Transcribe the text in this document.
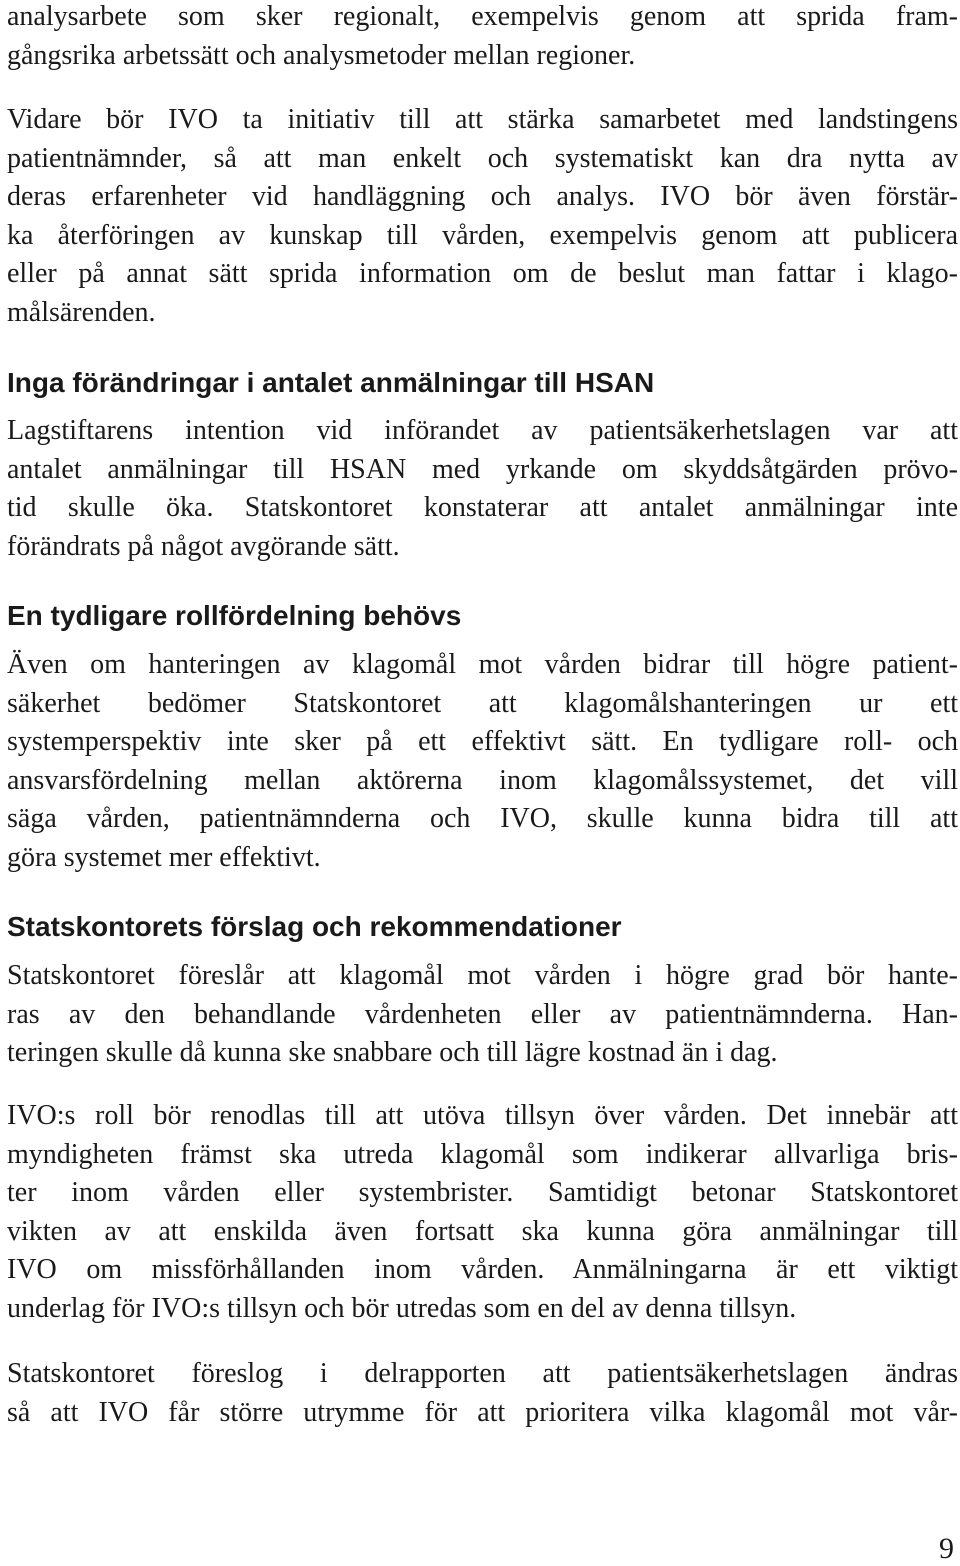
analysarbete som sker regionalt, exempelvis genom att sprida fram-
gångsrika arbetssätt och analysmetoder mellan regioner.
Vidare bör IVO ta initiativ till att stärka samarbetet med landstingens
patientnämnder, så att man enkelt och systematiskt kan dra nytta av
deras erfarenheter vid handläggning och analys. IVO bör även förstär-
ka återföringen av kunskap till vården, exempelvis genom att publicera
eller på annat sätt sprida information om de beslut man fattar i klago-
målsärenden.
Inga förändringar i antalet anmälningar till HSAN
Lagstiftarens intention vid införandet av patientsäkerhetslagen var att
antalet anmälningar till HSAN med yrkande om skyddsåtgärden prövo-
tid skulle öka. Statskontoret konstaterar att antalet anmälningar inte
förändrats på något avgörande sätt.
En tydligare rollfördelning behövs
Även om hanteringen av klagomål mot vården bidrar till högre patient-
säkerhet bedömer Statskontoret att klagomålshanteringen ur ett
systemperspektiv inte sker på ett effektivt sätt. En tydligare roll- och
ansvarsfördelning mellan aktörerna inom klagomålssystemet, det vill
säga vården, patientnämnderna och IVO, skulle kunna bidra till att
göra systemet mer effektivt.
Statskontorets förslag och rekommendationer
Statskontoret föreslår att klagomål mot vården i högre grad bör hante-
ras av den behandlande vårdenheten eller av patientnämnderna. Han-
teringen skulle då kunna ske snabbare och till lägre kostnad än i dag.
IVO:s roll bör renodlas till att utöva tillsyn över vården. Det innebär att
myndigheten främst ska utreda klagomål som indikerar allvarliga bris-
ter inom vården eller systembrister. Samtidigt betonar Statskontoret
vikten av att enskilda även fortsatt ska kunna göra anmälningar till
IVO om missförhållanden inom vården. Anmälningarna är ett viktigt
underlag för IVO:s tillsyn och bör utredas som en del av denna tillsyn.
Statskontoret föreslog i delrapporten att patientsäkerhetslagen ändras
så att IVO får större utrymme för att prioritera vilka klagomål mot vår-
9
